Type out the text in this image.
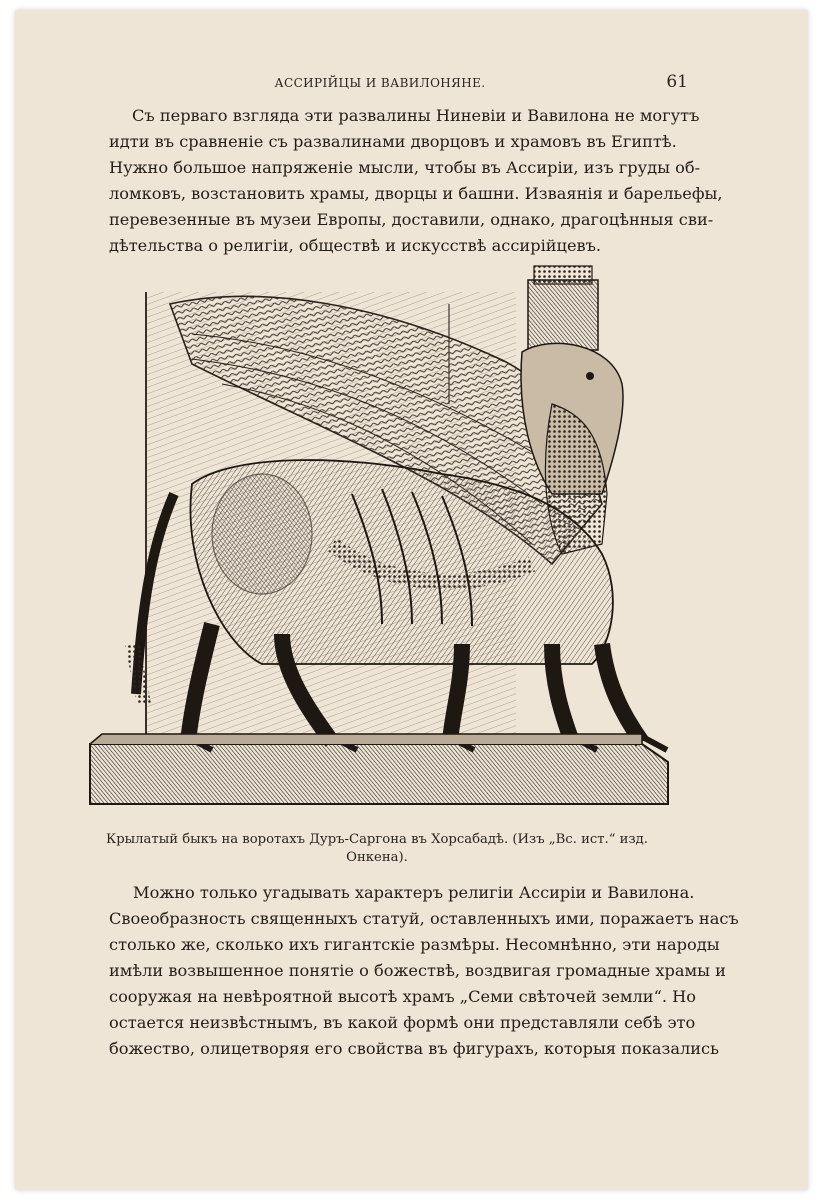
АССИРІЙЦЫ И ВАВИЛОНЯНЕ.	61
Съ перваго взгляда эти развалины Ниневіи и Вавилона не могутъ
идти въ сравненіе съ развалинами дворцовъ и храмовъ въ Египтѣ.
Нужно большое напряженіе мысли, чтобы въ Ассиріи, изъ груды об-
ломковъ, возстановить храмы, дворцы и башни. Изваянія и барельефы,
перевезенные въ музеи Европы, доставили, однако, драгоцѣнныя сви-
дѣтельства о религіи, обществѣ и искусствѣ ассирійцевъ.
Крылатый быкъ на воротахъ Дуръ-Саргона въ Хорсабадѣ. (Изъ „Вс. ист.“ изд.
Онкена).
Можно только угадывать характеръ религіи Ассиріи и Вавилона.
Своеобразность священныхъ статуй, оставленныхъ ими, поражаетъ насъ
столько же, сколько ихъ гигантскіе размѣры. Несомнѣнно, эти народы
имѣли возвышенное понятіе о божествѣ, воздвигая громадные храмы и
сооружая на невѣроятной высотѣ храмъ „Семи свѣточей земли“. Но
остается неизвѣстнымъ, въ какой формѣ они представляли себѣ это
божество, олицетворяя его свойства въ фигурахъ, которыя показались
